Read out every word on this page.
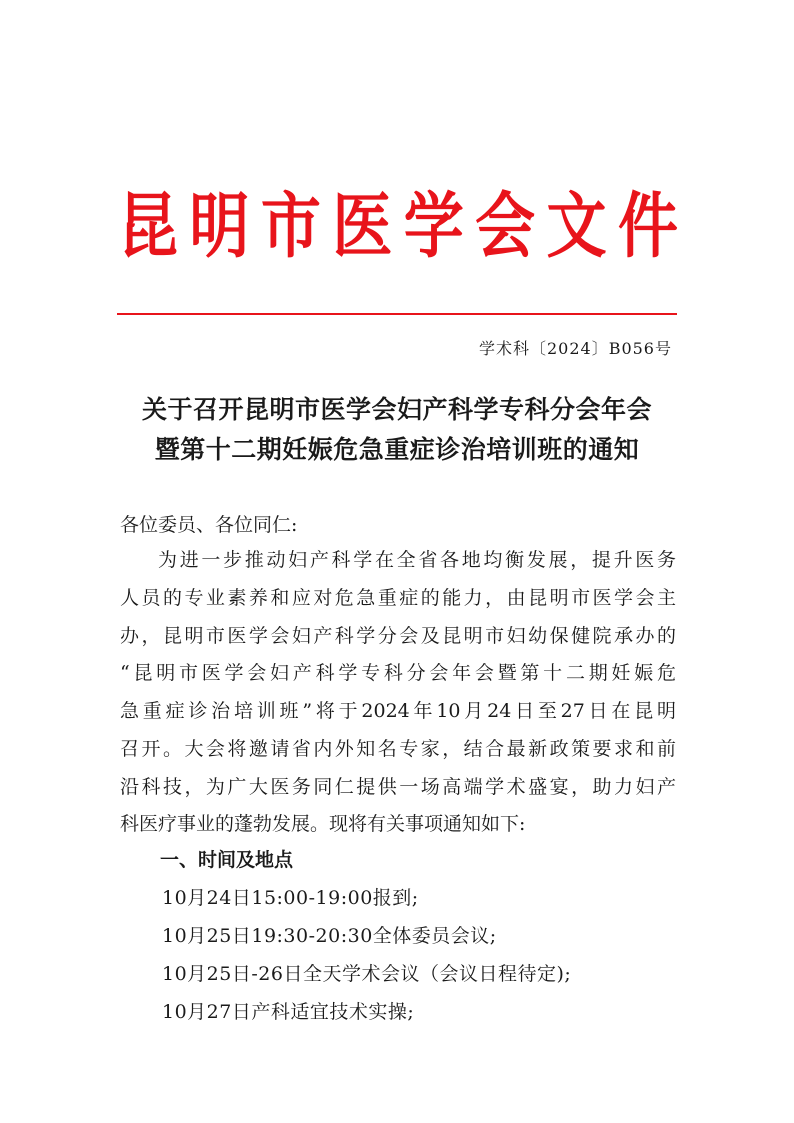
昆 明 市 医 学 会 文 件
学术科〔2024〕B056号
关于召开昆明市医学会妇产科学专科分会年会
暨第十二期妊娠危急重症诊治培训班的通知
各位委员、各位同仁:
为进一步推动妇产科学在全省各地均衡发展，提升医务
人员的专业素养和应对危急重症的能力，由昆明市医学会主
办，昆明市医学会妇产科学分会及昆明市妇幼保健院承办的
“昆明市医学会妇产科学专科分会年会暨第十二期妊娠危
急重症诊治培训班”将于2024年10月24日至27日在昆明
召开。大会将邀请省内外知名专家，结合最新政策要求和前
沿科技，为广大医务同仁提供一场高端学术盛宴，助力妇产
科医疗事业的蓬勃发展。现将有关事项通知如下:
一、时间及地点
10月24日15:00-19:00报到;
10月25日19:30-20:30全体委员会议;
10月25日-26日全天学术会议（会议日程待定);
10月27日产科适宜技术实操;
